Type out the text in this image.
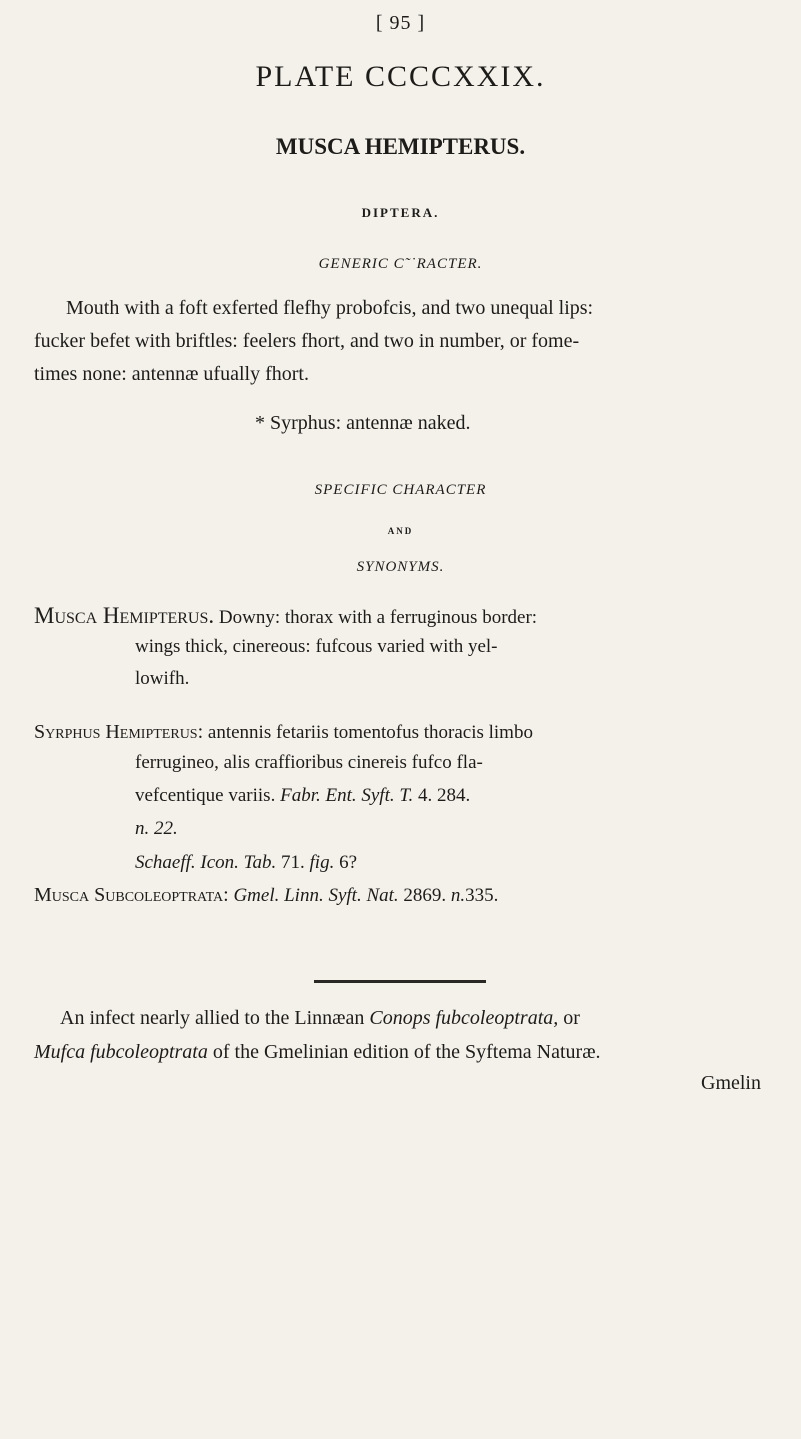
[ 95 ]
PLATE CCCCXXIX.
MUSCA HEMIPTERUS.
DIPTERA.
GENERIC C˜˙RACTER.
Mouth with a foft exferted flefhy probofcis, and two unequal lips:
fucker befet with briftles: feelers fhort, and two in number, or fome-
times none: antennæ ufually fhort.
* Syrphus: antennæ naked.
SPECIFIC CHARACTER
AND
SYNONYMS.
Musca Hemipterus. Downy: thorax with a ferruginous border:
wings thick, cinereous: fufcous varied with yel-
lowifh.
Syrphus Hemipterus: antennis fetariis tomentofus thoracis limbo
ferrugineo, alis craffioribus cinereis fufco fla-
vefcentique variis. Fabr. Ent. Syft. T. 4. 284.
n. 22.
Schaeff. Icon. Tab. 71. fig. 6?
Musca Subcoleoptrata: Gmel. Linn. Syft. Nat. 2869. n.335.
An infect nearly allied to the Linnæan Conops fubcoleoptrata, or
Mufca fubcoleoptrata of the Gmelinian edition of the Syftema Naturæ.
Gmelin
